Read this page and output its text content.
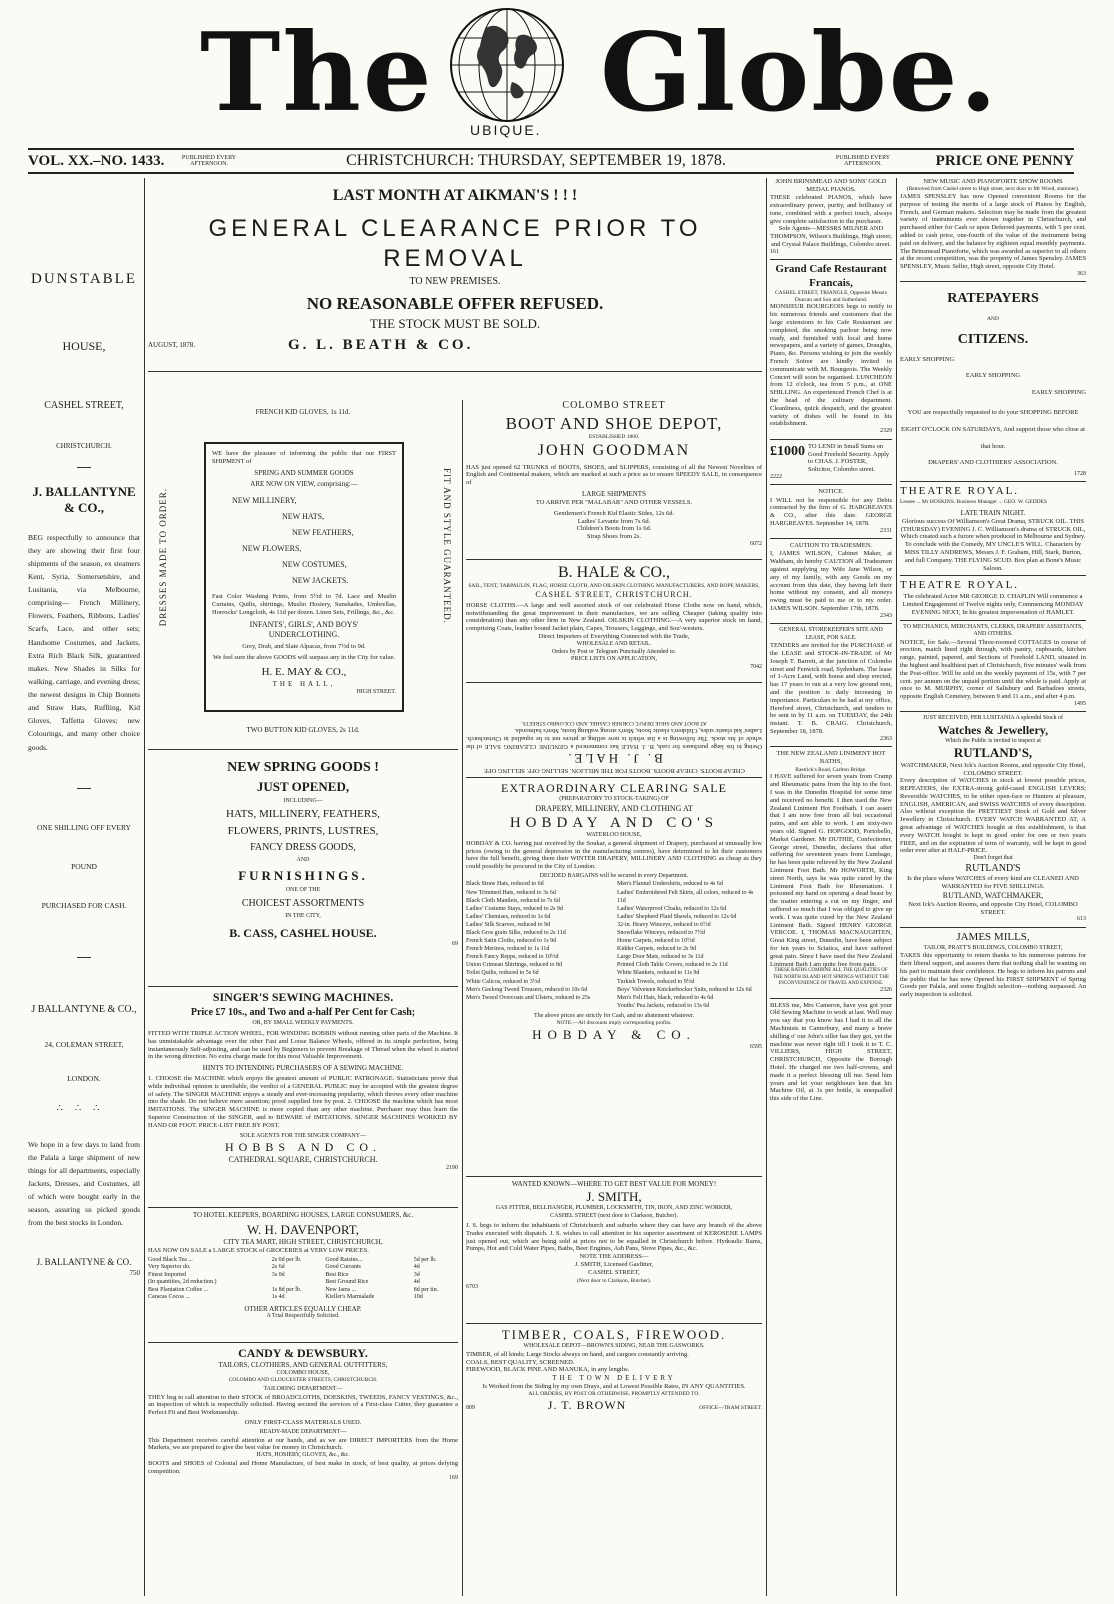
The	UBIQUE. Globe.
VOL. XX.–NO. 1433.	PUBLISHED EVERY AFTERNOON.	CHRISTCHURCH: THURSDAY, SEPTEMBER 19, 1878.	PUBLISHED EVERY AFTERNOON.	PRICE ONE PENNY
DUNSTABLE
HOUSE,
CASHEL STREET,
CHRISTCHURCH.
J. BALLANTYNE & CO.,

BEG respectfully to announce that they are showing their first four shipments of the season, ex steamers Kent, Syria, Somersetshire, and Lusitania, via Melbourne, comprising— French Millinery, Flowers, Feathers, Ribbons, Ladies' Scarfs, Lace, and other sets; Handsome Costumes, and Jackets, Extra Rich Black Silk, guaranteed makes. New Shades in Silks for walking, carriage, and evening dress; the newest designs in Chip Bonnets and Straw Hats, Ruffling, Kid Gloves, Taffetta Gloves; new Colourings, and many other choice goods.

ONE SHILLING OFF EVERY
POUND
PURCHASED FOR CASH.
J BALLANTYNE & CO.,
24, COLEMAN STREET,
LONDON.
∴∴∴

We hope in a few days to land from the Palala a large shipment of new things for all departments, especially Jackets, Dresses, and Costumes, all of which were bought early in the season, assuring us picked goods from the best stocks in London.

J. BALLANTYNE & CO.
750
LAST MONTH AT AIKMAN'S ! ! !
GENERAL CLEARANCE PRIOR TO REMOVAL
TO NEW PREMISES.
NO REASONABLE OFFER REFUSED.
THE STOCK MUST BE SOLD.
AUGUST, 1878.	G. L. BEATH & CO.
FRENCH KID GLOVES, 1s 11d.
DRESSES MADE TO ORDER.	FIT AND STYLE GUARANTEED.

WE have the pleasure of informing the public that our FIRST SHIPMENT of

SPRING AND SUMMER GOODS
ARE NOW ON VIEW, comprising:—
NEW MILLINERY,
NEW HATS,
NEW FEATHERS,
NEW FLOWERS,
NEW COSTUMES,
NEW JACKETS.

Fast Color Washing Prints, from 5½d to 7d. Lace and Muslin Curtains, Quilts, shirtings, Muslin Hosiery, Sunshades, Umbrellas, Horrocks' Longcloth, 4s 11d per dozen. Linen Sets, Frillings, &c., &c.

INFANTS', GIRLS', AND BOYS'
UNDERCLOTHING.
Grey, Drab, and Slate Alpacas, from 7½d to 9d.
We feel sure the above GOODS will surpass any in the City for value.
H. E. MAY & CO.,
THE HALL,
HIGH STREET.
TWO BUTTON KID GLOVES, 2s 11d.
NEW SPRING GOODS !
JUST OPENED,
INCLUDING—
HATS, MILLINERY, FEATHERS,
FLOWERS, PRINTS, LUSTRES,
FANCY DRESS GOODS,
AND
FURNISHINGS.
ONE OF THE
CHOICEST ASSORTMENTS
IN THE CITY,
B. CASS, CASHEL HOUSE.
69
SINGER'S SEWING MACHINES.
Price £7 10s., and Two and a-half Per Cent for Cash;
OR, BY SMALL WEEKLY PAYMENTS.

FITTED WITH TRIPLE ACTION WHEEL, FOR WINDING BOBBIN without running other parts of the Machine. It has unmistakable advantage over the other Fast and Loose Balance Wheels, offered in its simple perfection, being instantaneously Self-adjusting, and can be used by Beginners to prevent Breakage of Thread when the wheel is started in the wrong direction. No extra charge made for this most Valuable Improvement.

HINTS TO INTENDING PURCHASERS OF A SEWING MACHINE.

1. CHOOSE the MACHINE which enjoys the greatest amount of PUBLIC PATRONAGE. Statisticians prove that while individual opinion is unreliable, the verdict of a GENERAL PUBLIC may be accepted with the greatest degree of safety. The SINGER MACHINE enjoys a steady and ever-increasing popularity, which throws every other machine into the shade. Do not believe mere assertion; proof supplied free by post. 2. CHOOSE the machine which has most IMITATIONS. The SINGER MACHINE is more copied than any other machine. Purchaser may thus learn the Superior Construction of the SINGER, and to BEWARE of IMITATIONS. SINGER MACHINES WORKED BY HAND OR FOOT. PRICE-LIST FREE BY POST.

SOLE AGENTS FOR THE SINGER COMPANY—
HOBBS AND CO.
CATHEDRAL SQUARE, CHRISTCHURCH.
2190
TO HOTEL KEEPERS, BOARDING HOUSES, LARGE CONSUMERS, &c.
W. H. DAVENPORT,
CITY TEA MART, HIGH STREET, CHRISTCHURCH,

HAS NOW ON SALE a LARGE STOCK of GROCERIES at VERY LOW PRICES.

Good Black Tea ...	2s 0d per lb.	Good Raisins...	5d per lb.
Very Superior do.	2s 6d	Good Currants	4d
Finest Imported	3s 0d	Best Rice	3d
(In quantities, 2d reduction.)		Best Ground Rice	4d
Best Plantation Coffee ...	1s 8d per lb.	New Jams ...	8d per tin.
Caracas Cocoa ...	1s 4d	Kieller's Marmalade	10d
OTHER ARTICLES EQUALLY CHEAP.
A Trial Respectfully Solicited.
CANDY & DEWSBURY.
TAILORS, CLOTHIERS, AND GENERAL OUTFITTERS,
COLOMBO HOUSE,
COLOMBO AND GLOUCESTER STREETS, CHRISTCHURCH.
TAILORING DEPARTMENT—

THEY beg to call attention to their STOCK of BROADCLOTHS, DOESKINS, TWEEDS, FANCY VESTINGS, &c., an inspection of which is respectfully solicited. Having secured the services of a First-class Cutter, they guarantee a Perfect Fit and Best Workmanship.

ONLY FIRST-CLASS MATERIALS USED.
READY-MADE DEPARTMENT—

This Department receives careful attention at our hands, and as we are DIRECT IMPORTERS from the Home Markets, we are prepared to give the best value for money in Christchurch.

HATS, HOSIERY, GLOVES, &c., &c.

BOOTS and SHOES of Colonial and Home Manufacture, of best make in stock, of best quality, at prices defying competition.

169
COLOMBO STREET
BOOT AND SHOE DEPOT,
ESTABLISHED 1860.
JOHN GOODMAN

HAS just opened 62 TRUNKS of BOOTS, SHOES, and SLIPPERS, consisting of all the Newest Novelties of English and Continental makers, which are marked at such a price as to ensure SPEEDY SALE, in consequence of

LARGE SHIPMENTS
TO ARRIVE PER "MALABAR" AND OTHER VESSELS.
Gentlemen's French Kid Elastic Sides, 12s 6d.
Ladies' Levante from 7s 6d.
Children's Boots from 1s 6d.
Strap Shoes from 2s.
6072
B. HALE & CO.,
SAIL, TENT, TARPAULIN, FLAG, HORSE CLOTH, AND OILSKIN CLOTHING MANUFACTURERS, AND ROPE MAKERS,
CASHEL STREET, CHRISTCHURCH.

HORSE CLOTHS.—A large and well assorted stock of our celebrated Horse Cloths now on hand, which, notwithstanding the great improvement in their manufacture, we are selling Cheaper (taking quality into consideration) than any other firm in New Zealand. OILSKIN CLOTHING.—A very superior stock on hand, comprising Coats, leather bound Jacket plain, Capes, Trousers, Leggings, and Sou'-westers.

Direct Importers of Everything Connected with the Trade,
WHOLESALE AND RETAIL.
Orders by Post or Telegram Punctually Attended to.
PRICE LISTS ON APPLICATION,
7042
CHEAP BOOTS. CHEAP BOOTS. BOOTS FOR THE MILLION. SELLING OFF. SELLING OFF.
B. J. HALE.

Owing to his large purchases for cash, B. J. HALE has commenced a GENUINE CLEARING SALE of the whole of his stock. The following is a list which is now selling at prices not to be equalled in Christchurch. Ladies' kid elastic sides, Children's elastic boots, Men's strong walking boots, Men's balmorals.

AT BOOT AND SHOE DEPOT, CORNER CASHEL AND COLOMBO STREETS.
EXTRAORDINARY CLEARING SALE
(PREPARATORY TO STOCK-TAKING) OF
DRAPERY, MILLINERY, AND CLOTHING AT
HOBDAY AND CO'S
WATERLOO HOUSE,

HOBDAY & CO. having just received by the Soukar, a general shipment of Drapery, purchased at unusually low prices (owing to the general depression in the manufacturing centres), have determined to let their customers have the full benefit, giving them their WINTER DRAPERY, MILLINERY AND CLOTHING as cheap as they could possibly be procured in the City of London.

DECIDED BARGAINS will be secured in every Department.
Black Straw Hats, reduced to 6d
New Trimmed Hats, reduced to 3s 6d
Black Cloth Mantlets, reduced to 7s 6d
Ladies' Costume Stays, reduced to 2s 9d
Ladies' Chemises, reduced to 1s 6d
Ladies' Silk Scarves, reduced to 9d
Black Gros grain Silks, reduced to 2s 11d
French Satin Cloths, reduced to 1s 9d
French Merinos, reduced to 1s 11d
French Fancy Repps, reduced to 10½d
Union Crimean Shirtings, reduced to 8d
Toilet Quilts, reduced to 5s 6d
White Calicos, reduced to 3½d
Men's Geelong Tweed Trousers, reduced to 10s 6d
Men's Tweed Overcoats and Ulsters, reduced to 25s
Men's Flannel Undershirts, reduced to 4s 6d
Ladies' Embroidered Felt Skirts, all colors, reduced to 4s 11d
Ladies' Waterproof Cloaks, reduced to 12s 6d
Ladies' Shepherd Plaid Shawls, reduced to 12s 6d
32-in. Heavy Winceys, reduced to 6½d
Snowflake Winceys, reduced to 7½d
Home Carpets, reduced to 10½d
Kidder Carpets, reduced to 2s 9d
Large Door Mats, reduced to 3s 11d
Printed Cloth Table Covers, reduced to 2s 11d
White Blankets, reduced to 11s 9d
Turkish Towels, reduced to 9½d
Boys' Velveteen Knickerbocker Suits, reduced to 12s 6d
Men's Felt Hats, black, reduced to 4s 6d
Youths' Pea Jackets, reduced to 13s 6d
The above prices are strictly for Cash, and no abatement whatever.
NOTE.—All discounts imply corresponding profits.
HOBDAY & CO.
6595
WANTED KNOWN—WHERE TO GET BEST VALUE FOR MONEY!
J. SMITH,
GAS FITTER, BELLHANGER, PLUMBER, LOCKSMITH, TIN, IRON, AND ZINC WORKER,
CASHEL STREET (next door to Clarkson, Butcher).

J. S. begs to inform the inhabitants of Christchurch and suburbs where they can have any branch of the above Trades executed with dispatch. J. S. wishes to call attention to his superior assortment of KEROSENE LAMPS just opened out, which are being sold at prices not to be equalled in Christchurch before. Hydraulic Rams, Pumps, Hot and Cold Water Pipes, Baths, Beer Engines, Ash Pans, Stove Pipes, &c., &c.

NOTE THE ADDRESS—
J. SMITH, Licensed Gasfitter,
CASHEL STREET,
(Next door to Clarkson, Butcher).
6703
TIMBER, COALS, FIREWOOD.
WHOLESALE DEPOT—BROWN'S SIDING, NEAR THE GASWORKS.

TIMBER, of all kinds; Large Stocks always on hand, and cargoes constantly arriving.

COALS, BEST QUALITY, SCREENED.

FIREWOOD, BLACK PINE AND MANUKA, in any lengths.

THE TOWN DELIVERY
Is Worked from the Siding by my own Drays, and at Lowest Possible Rates, IN ANY QUANTITIES.
ALL ORDERS, BY POST OR OTHERWISE, PROMPTLY ATTENDED TO.
809	J. T. BROWN	OFFICE—TRAM STREET.
JOHN BRINSMEAD AND SONS' GOLD MEDAL PIANOS.

THESE celebrated PIANOS, which have extraordinary power, purity, and brilliancy of tone, combined with a perfect touch, always give complete satisfaction to the purchaser.

Sole Agents—MESSRS MILNER AND THOMPSON, Wilson's Buildings, High street; and Crystal Palace Buildings, Colombo street.

161
Grand Cafe Restaurant Francais,
CASHEL STREET, TRIANGLE, Opposite Messrs Duncan and Son and Sutherland.

MONSIEUR BOURGEOIS begs to notify to his numerous friends and customers that the large extensions to his Cafe Restaurant are completed, the smoking parlour being now ready, and furnished with local and home newspapers, and a variety of games, Draughts, Piano, &c. Persons wishing to join the weekly French Soiree are kindly invited to communicate with M. Bourgeois. The Weekly Concert will soon be organised. LUNCHEON from 12 o'clock, tea from 5 p.m., at ONE SHILLING. An experienced French Chef is at the head of the culinary department. Cleanliness, quick despatch, and the greatest variety of dishes will be found in his establishment.

2329
£1000 TO LEND in Small Sums on Good Freehold Security. Apply to CHAS. J. FOSTER, Solicitor, Colombo street.

2222
NOTICE.

I WILL not be responsible for any Debts contracted by the firm of G. HARGREAVES & CO., after this date. GEORGE HARGREAVES. September 14, 1878.

2331
CAUTION TO TRADESMEN.

I, JAMES WILSON, Cabinet Maker, at Waltham, do hereby CAUTION all Tradesmen against supplying my Wife Jane Wilson, or any of my family, with any Goods on my account from this date, they having left their home without my consent, and all moneys owing must be paid to me or to my order. JAMES WILSON. September 17th, 1878.

2343
GENERAL STOREKEEPER'S SITE AND LEASE, FOR SALE.

TENDERS are invited for the PURCHASE of the LEASE and STOCK-IN-TRADE of Mr Joseph T. Barrett, at the junction of Colombo street and Fenwick road, Sydenham. The lease of 1-Acre Land, with house and shop erected, has 17 years to run at a very low ground rent, and the position is daily increasing in importance. Particulars to be had at my office, Hereford street, Christchurch, and tenders to be sent in by 11 a.m. on TUESDAY, the 24th instant. T. B. CRAIG. Christchurch, September 18, 1878.

2363
THE NEW ZEALAND LINIMENT HOT BATHS,
Rastrick's Road, Carlton Bridge.

I HAVE suffered for seven years from Cramp and Rheumatic pains from the hip to the foot. I was in the Dunedin Hospital for some time and received no benefit. I then used the New Zealand Liniment Hot Footbath. I can assert that I am now free from all but occasional pains, and am able to work. I am sixty-two years old. Signed G. HOPGOOD, Portobello, Market Gardener. Mr DUTHIE, Confectioner, George street, Dunedin, declares that after suffering for seventeen years from Lumbago, he has been quite relieved by the New Zealand Liniment Foot Bath. Mr HOWORTH, King street North, says he was quite cured by the Liniment Foot Bath for Rheumatism. I poisoned my hand on opening a dead beast by the matter entering a cut on my finger, and suffered so much that I was obliged to give up work. I was quite cured by the New Zealand Liniment Bath. Signed HENRY GEORGE VERCOE. I, THOMAS MACNAUGHTEN, Great King street, Dunedin, have been subject for ten years to Sciatica, and have suffered great pain. Since I have used the New Zealand Liniment Bath I am quite free from pain.

THESE BATHS COMBINE ALL THE QUALITIES OF THE NORTH ISLAND HOT SPRINGS WITHOUT THE INCONVENIENCE OF TRAVEL AND EXPENSE.

2326

BLESS me, Mrs Cameron, have you got your Old Sewing Machine to work at last. Well may you say that you know has I had it to all the Machinists in Canterbury, and many a brave shilling o' our John's siller has they got, yet the machine was never right till I took it to T. C. VILLIERS, HIGH STREET, CHRISTCHURCH, Opposite the Borough Hotel. He charged me two half-crowns, and made it a perfect blessing till me. Send him yours and let your neighbours ken that his Machine Oil, at 1s per bottle, is unequalled this side of the Line.

NEW MUSIC AND PIANOFORTE SHOW ROOMS
(Removed from Cashel street to High street, next door to Mr Wood, stationer).

JAMES SPENSLEY has now Opened convenient Rooms for the purpose of testing the merits of a large stock of Pianos by English, French, and German makers. Selection may be made from the greatest variety of instruments ever shown together in Christchurch, and purchased either for Cash or upon Deferred payments, with 5 per cent. added to cash price, one-fourth of the value of the instrument being paid on delivery, and the balance by eighteen equal monthly payments. The Brinsmead Pianoforte, which was awarded as superior to all others at the recent competition, was the property of James Spensley. JAMES SPENSLEY, Music Seller, High street, opposite City Hotel.

363
RATEPAYERS
AND
CITIZENS.
EARLY SHOPPING
EARLY SHOPPING
EARLY SHOPPING

YOU are respectfully requested to do your SHOPPING BEFORE EIGHT O'CLOCK ON SATURDAYS, And support those who close at that hour.

DRAPERS' AND CLOTHIERS' ASSOCIATION.
1728
THEATRE ROYAL.
Lessee ... Mr HOSKINS. Business Manager ... GEO. W. GEDDES
LATE TRAIN NIGHT.

Glorious success Of Williamson's Great Drama, STRUCK OIL. THIS (THURSDAY) EVENING J. C. Williamson's drama of STRUCK OIL, Which created such a furore when produced in Melbourne and Sydney. To conclude with the Comedy, MY UNCLE'S WILL. Characters by MISS TILLY ANDREWS, Messrs J. F. Graham, Hill, Stark, Burton, and full Company. THE FLYING SCUD. Box plan at Bone's Music Saloon.

THEATRE ROYAL.

The celebrated Actor MR GEORGE D. CHAPLIN Will commence a Limited Engagement of Twelve nights only, Commencing MONDAY EVENING NEXT, In his greatest impersonation of HAMLET.

TO MECHANICS, MERCHANTS, CLERKS, DRAPERS' ASSISTANTS, AND OTHERS.

NOTICE, for Sale.—Several Three-roomed COTTAGES in course of erection, match lined right through, with pantry, cupboards, kitchen range, painted, papered, and Sections of Freehold LAND, situated in the highest and healthiest part of Christchurch, five minutes' walk from the Post-office. Will be sold on the weekly payment of 15s, with 7 per cent. per annum on the unpaid portion until the whole is paid. Apply at once to M. MURPHY, corner of Salisbury and Barbadoes streets, opposite English Cemetery, between 9 and 11 a.m., and after 4 p.m.

1495
JUST RECEIVED, PER LUSITANIA A splendid Stock of
Watches & Jewellery,
Which the Public is invited to inspect at
RUTLAND'S,
WATCHMAKER, Next Ick's Auction Rooms, and opposite City Hotel, COLOMBO STREET.

Every description of WATCHES in stock at lowest possible prices, REPEATERS, the EXTRA-strong gold-cased ENGLISH LEVERS; Reversible WATCHES, to be either open-face or Hunters at pleasure, ENGLISH, AMERICAN, and SWISS WATCHES of every description. Also without exception the PRETTIEST Stock of Gold and Silver Jewellery in Christchurch. EVERY WATCH WARRANTED AT, A great advantage of WATCHES bought at this establishment, is that every WATCH bought is kept in good order for one or two years FREE, and on the expiration of term of warranty, will be kept in good order ever after at HALF-PRICE.

Don't forget that
RUTLAND'S

Is the place where WATCHES of every kind are CLEANED AND WARRANTED for FIVE SHILLINGS.

RUTLAND, WATCHMAKER,
Next Ick's Auction Rooms, and opposite City Hotel, COLOMBO STREET.
613
JAMES MILLS,
TAILOR, PRATT'S BUILDINGS, COLOMBO STREET,

TAKES this opportunity to return thanks to his numerous patrons for their liberal support, and assures them that nothing shall be wanting on his part to maintain their confidence. He begs to inform his patrons and the public that he has now Opened his FIRST SHIPMENT of Spring Goods per Palala, and some English selection—nothing surpassed. An early inspection is solicited.
